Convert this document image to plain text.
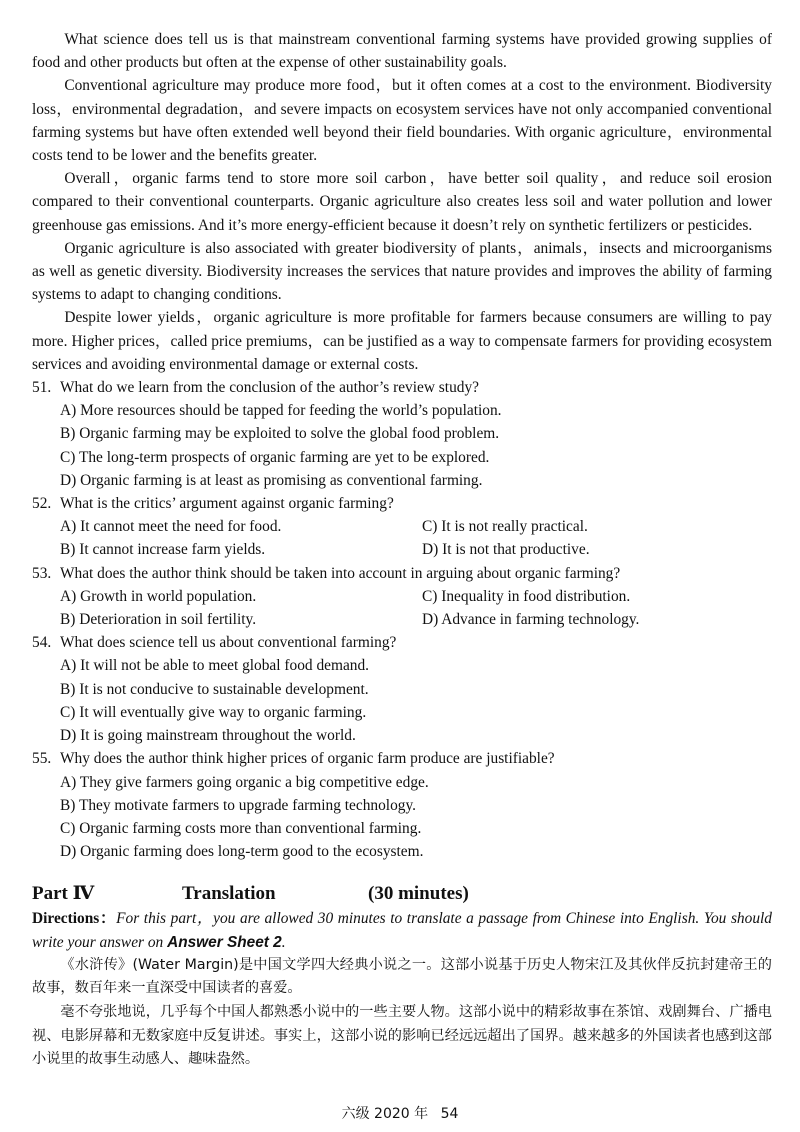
What science does tell us is that mainstream conventional farming systems have provided growing supplies of food and other products but often at the expense of other sustainability goals.

Conventional agriculture may produce more food，but it often comes at a cost to the environment. Biodiversity loss，environmental degradation，and severe impacts on ecosystem services have not only accompanied conventional farming systems but have often extended well beyond their field boundaries. With organic agriculture，environmental costs tend to be lower and the benefits greater.

Overall，organic farms tend to store more soil carbon，have better soil quality，and reduce soil erosion compared to their conventional counterparts. Organic agriculture also creates less soil and water pollution and lower greenhouse gas emissions. And it’s more energy-efficient because it doesn’t rely on synthetic fertilizers or pesticides.

Organic agriculture is also associated with greater biodiversity of plants，animals，insects and microorganisms as well as genetic diversity. Biodiversity increases the services that nature provides and improves the ability of farming systems to adapt to changing conditions.

Despite lower yields，organic agriculture is more profitable for farmers because consumers are willing to pay more. Higher prices，called price premiums，can be justified as a way to compensate farmers for providing ecosystem services and avoiding environmental damage or external costs.

51. What do we learn from the conclusion of the author’s review study?
A) More resources should be tapped for feeding the world’s population.
B) Organic farming may be exploited to solve the global food problem.
C) The long-term prospects of organic farming are yet to be explored.
D) Organic farming is at least as promising as conventional farming.
52. What is the critics’ argument against organic farming?
A) It cannot meet the need for food.	C) It is not really practical.
B) It cannot increase farm yields.	D) It is not that productive.
53. What does the author think should be taken into account in arguing about organic farming?
A) Growth in world population.	C) Inequality in food distribution.
B) Deterioration in soil fertility.	D) Advance in farming technology.
54. What does science tell us about conventional farming?
A) It will not be able to meet global food demand.
B) It is not conducive to sustainable development.
C) It will eventually give way to organic farming.
D) It is going mainstream throughout the world.
55. Why does the author think higher prices of organic farm produce are justifiable?
A) They give farmers going organic a big competitive edge.
B) They motivate farmers to upgrade farming technology.
C) Organic farming costs more than conventional farming.
D) Organic farming does long-term good to the ecosystem.
Part Ⅳ	Translation	(30 minutes)
Directions：For this part，you are allowed 30 minutes to translate a passage from Chinese into English. You should write your answer on Answer Sheet 2.

《水浒传》(Water Margin)是中国文学四大经典小说之一。这部小说基于历史人物宋江及其伙伴反抗封建帝王的故事，数百年来一直深受中国读者的喜爱。

毫不夸张地说，几乎每个中国人都熟悉小说中的一些主要人物。这部小说中的精彩故事在茶馆、戏剧舞台、广播电视、电影屏幕和无数家庭中反复讲述。事实上，这部小说的影响已经远远超出了国界。越来越多的外国读者也感到这部小说里的故事生动感人、趣味盎然。

六级 2020 年 54
